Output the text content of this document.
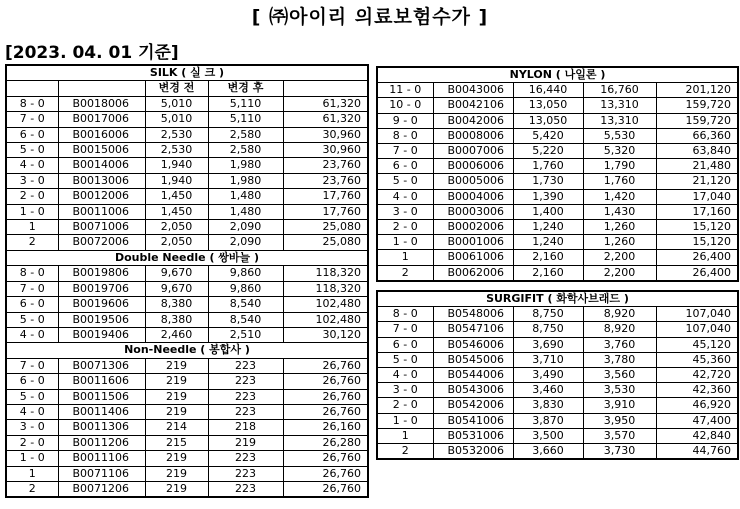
[ ㈜아이리 의료보험수가 ]
[2023. 04. 01 기준]
SILK ( 실 크 )				
		변경 전	변경 후	
8 - 0	B0018006	5,010	5,110	61,320
7 - 0	B0017006	5,010	5,110	61,320
6 - 0	B0016006	2,530	2,580	30,960
5 - 0	B0015006	2,530	2,580	30,960
4 - 0	B0014006	1,940	1,980	23,760
3 - 0	B0013006	1,940	1,980	23,760
2 - 0	B0012006	1,450	1,480	17,760
1 - 0	B0011006	1,450	1,480	17,760
1	B0071006	2,050	2,090	25,080
2	B0072006	2,050	2,090	25,080
Double Needle ( 쌍바늘 )				
8 - 0	B0019806	9,670	9,860	118,320
7 - 0	B0019706	9,670	9,860	118,320
6 - 0	B0019606	8,380	8,540	102,480
5 - 0	B0019506	8,380	8,540	102,480
4 - 0	B0019406	2,460	2,510	30,120
Non-Needle ( 봉합사 )				
7 - 0	B0071306	219	223	26,760
6 - 0	B0011606	219	223	26,760
5 - 0	B0011506	219	223	26,760
4 - 0	B0011406	219	223	26,760
3 - 0	B0011306	214	218	26,160
2 - 0	B0011206	215	219	26,280
1 - 0	B0011106	219	223	26,760
1	B0071106	219	223	26,760
2	B0071206	219	223	26,760
NYLON ( 나일론 )				
11 - 0	B0043006	16,440	16,760	201,120
10 - 0	B0042106	13,050	13,310	159,720
9 - 0	B0042006	13,050	13,310	159,720
8 - 0	B0008006	5,420	5,530	66,360
7 - 0	B0007006	5,220	5,320	63,840
6 - 0	B0006006	1,760	1,790	21,480
5 - 0	B0005006	1,730	1,760	21,120
4 - 0	B0004006	1,390	1,420	17,040
3 - 0	B0003006	1,400	1,430	17,160
2 - 0	B0002006	1,240	1,260	15,120
1 - 0	B0001006	1,240	1,260	15,120
1	B0061006	2,160	2,200	26,400
2	B0062006	2,160	2,200	26,400
SURGIFIT ( 화학사브래드 )				
8 - 0	B0548006	8,750	8,920	107,040
7 - 0	B0547106	8,750	8,920	107,040
6 - 0	B0546006	3,690	3,760	45,120
5 - 0	B0545006	3,710	3,780	45,360
4 - 0	B0544006	3,490	3,560	42,720
3 - 0	B0543006	3,460	3,530	42,360
2 - 0	B0542006	3,830	3,910	46,920
1 - 0	B0541006	3,870	3,950	47,400
1	B0531006	3,500	3,570	42,840
2	B0532006	3,660	3,730	44,760
